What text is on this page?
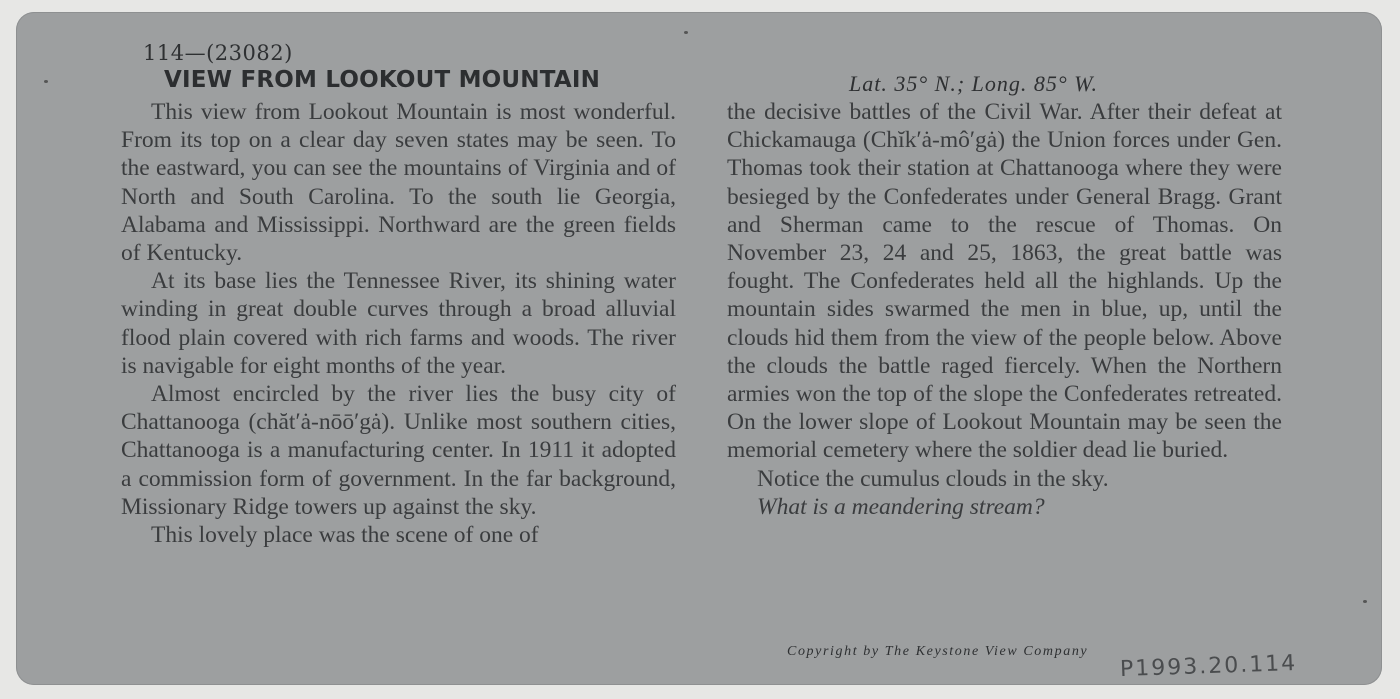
114—(23082)
VIEW FROM LOOKOUT MOUNTAIN	Lat. 35° N.; Long. 85° W.

This view from Lookout Mountain is most wonderful. From its top on a clear day seven states may be seen. To the eastward, you can see the mountains of Virginia and of North and South Carolina. To the south lie Georgia, Alabama and Mississippi. Northward are the green fields of Kentucky.

At its base lies the Tennessee River, its shining water winding in great double curves through a broad alluvial flood plain covered with rich farms and woods. The river is navigable for eight months of the year.

Almost encircled by the river lies the busy city of Chattanooga (chăt′ȧ-nōō′gȧ). Unlike most southern cities, Chattanooga is a manufacturing center. In 1911 it adopted a commission form of government. In the far background, Missionary Ridge towers up against the sky.

This lovely place was the scene of one of

the decisive battles of the Civil War. After their defeat at Chickamauga (Chĭk′ȧ-mô′gȧ) the Union forces under Gen. Thomas took their station at Chattanooga where they were besieged by the Confederates under General Bragg. Grant and Sherman came to the rescue of Thomas. On November 23, 24 and 25, 1863, the great battle was fought. The Confederates held all the highlands. Up the mountain sides swarmed the men in blue, up, until the clouds hid them from the view of the people below. Above the clouds the battle raged fiercely. When the Northern armies won the top of the slope the Confederates retreated. On the lower slope of Lookout Mountain may be seen the memorial cemetery where the soldier dead lie buried.

Notice the cumulus clouds in the sky.

What is a meandering stream?

Copyright by The Keystone View Company P1993.20.114
